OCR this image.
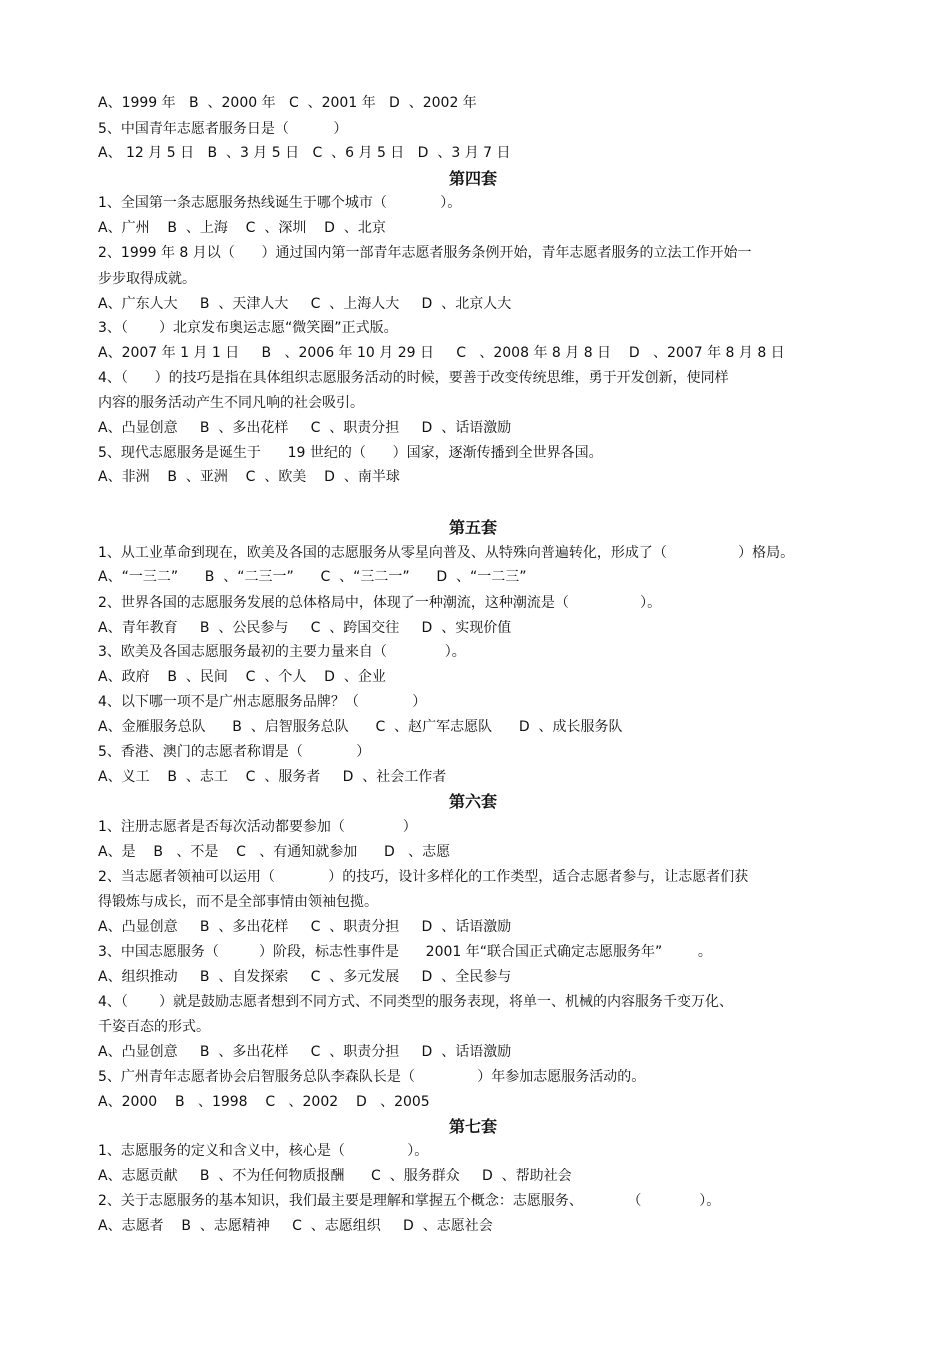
A、1999 年   B  、2000 年   C  、2001 年   D  、2002 年

5、中国青年志愿者服务日是（          ）

A、 12 月 5 日   B  、3 月 5 日   C  、6 月 5 日   D  、3 月 7 日

第四套

1、全国第一条志愿服务热线诞生于哪个城市（            ）。

A、广州    B  、上海    C  、深圳    D  、北京

2、1999 年 8 月以（      ）通过国内第一部青年志愿者服务条例开始，青年志愿者服务的立法工作开始一

步步取得成就。

A、广东人大     B  、天津人大     C  、上海人大     D  、北京人大

3、（       ）北京发布奥运志愿“微笑圈”正式版。

A、2007 年 1 月 1 日     B   、2006 年 10 月 29 日     C   、2008 年 8 月 8 日    D   、2007 年 8 月 8 日

4、（      ）的技巧是指在具体组织志愿服务活动的时候，要善于改变传统思维，勇于开发创新，使同样

内容的服务活动产生不同凡响的社会吸引。

A、凸显创意     B  、多出花样     C  、职责分担     D  、话语激励

5、现代志愿服务是诞生于      19 世纪的（      ）国家，逐渐传播到全世界各国。

A、非洲    B  、亚洲    C  、欧美    D  、南半球

第五套

1、从工业革命到现在，欧美及各国的志愿服务从零星向普及、从特殊向普遍转化，形成了（                ）格局。

A、“一三二”      B  、“二三一”      C  、“三二一”      D  、“一二三”

2、世界各国的志愿服务发展的总体格局中，体现了一种潮流，这种潮流是（                ）。

A、青年教育     B  、公民参与     C  、跨国交往     D  、实现价值

3、欧美及各国志愿服务最初的主要力量来自（             ）。

A、政府    B  、民间    C  、个人    D  、企业

4、以下哪一项不是广州志愿服务品牌？（            ）

A、金雁服务总队      B  、启智服务总队      C  、赵广军志愿队      D  、成长服务队

5、香港、澳门的志愿者称谓是（            ）

A、义工    B  、志工    C  、服务者     D  、社会工作者

第六套

1、注册志愿者是否每次活动都要参加（             ）

A、是    B   、不是    C   、有通知就参加      D   、志愿

2、当志愿者领袖可以运用（            ）的技巧，设计多样化的工作类型，适合志愿者参与，让志愿者们获

得锻炼与成长，而不是全部事情由领袖包揽。

A、凸显创意     B  、多出花样     C  、职责分担     D  、话语激励

3、中国志愿服务（         ）阶段，标志性事件是      2001 年“联合国正式确定志愿服务年”        。

A、组织推动     B  、自发探索     C  、多元发展     D  、全民参与

4、（       ）就是鼓励志愿者想到不同方式、不同类型的服务表现，将单一、机械的内容服务千变万化、

千姿百态的形式。

A、凸显创意     B  、多出花样     C  、职责分担     D  、话语激励

5、广州青年志愿者协会启智服务总队李森队长是（              ）年参加志愿服务活动的。

A、2000    B   、1998    C   、2002    D   、2005

第七套

1、志愿服务的定义和含义中，核心是（              ）。

A、志愿贡献     B  、不为任何物质报酬      C  、服务群众     D  、帮助社会

2、关于志愿服务的基本知识，我们最主要是理解和掌握五个概念：志愿服务、          （             ）。

A、志愿者    B  、志愿精神     C  、志愿组织     D  、志愿社会
